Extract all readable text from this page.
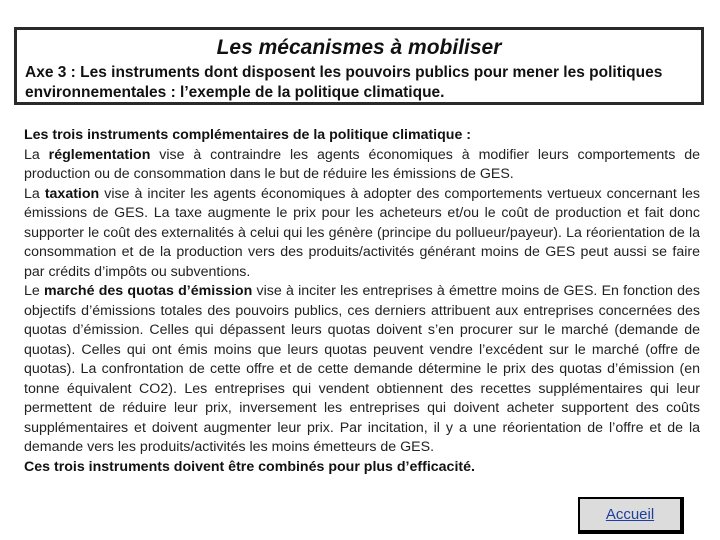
Les mécanismes à mobiliser
Axe 3 : Les instruments dont disposent les pouvoirs publics pour mener les politiques environnementales : l’exemple de la politique climatique.

Les trois instruments complémentaires de la politique climatique :

La réglementation vise à contraindre les agents économiques à modifier leurs comportements de production ou de consommation dans le but de réduire les émissions de GES.

La taxation vise à inciter les agents économiques à adopter des comportements vertueux concernant les émissions de GES. La taxe augmente le prix pour les acheteurs et/ou le coût de production et fait donc supporter le coût des externalités à celui qui les génère (principe du pollueur/payeur). La réorientation de la consommation et de la production vers des produits/activités générant moins de GES peut aussi se faire par crédits d’impôts ou subventions.

Le marché des quotas d’émission vise à inciter les entreprises à émettre moins de GES. En fonction des objectifs d’émissions totales des pouvoirs publics, ces derniers attribuent aux entreprises concernées des quotas d’émission. Celles qui dépassent leurs quotas doivent s’en procurer sur le marché (demande de quotas). Celles qui ont émis moins que leurs quotas peuvent vendre l’excédent sur le marché (offre de quotas). La confrontation de cette offre et de cette demande détermine le prix des quotas d’émission (en tonne équivalent CO2). Les entreprises qui vendent obtiennent des recettes supplémentaires qui leur permettent de réduire leur prix, inversement les entreprises qui doivent acheter supportent des coûts supplémentaires et doivent augmenter leur prix. Par incitation, il y a une réorientation de l’offre et de la demande vers les produits/activités les moins émetteurs de GES.

Ces trois instruments doivent être combinés pour plus d’efficacité.

Accueil
